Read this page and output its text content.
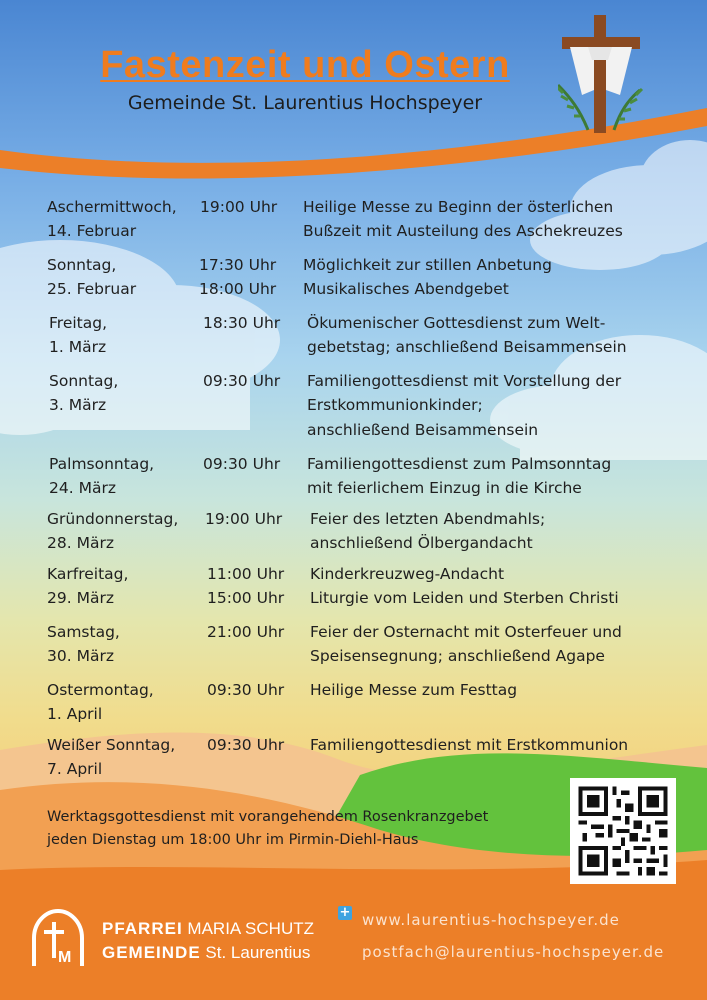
Fastenzeit und Ostern
Gemeinde St. Laurentius Hochspeyer
Aschermittwoch,
14. Februar
19:00 Uhr Heilige Messe zu Beginn der österlichen
Bußzeit mit Austeilung des Aschekreuzes
Sonntag,
25. Februar
17:30 Uhr
18:00 Uhr
Möglichkeit zur stillen Anbetung
Musikalisches Abendgebet
Freitag,
1. März
18:30 Uhr Ökumenischer Gottesdienst zum Welt-
gebetstag; anschließend Beisammensein
Sonntag,
3. März
09:30 Uhr Familiengottesdienst mit Vorstellung der
Erstkommunionkinder;
anschließend Beisammensein
Palmsonntag,
24. März
09:30 Uhr Familiengottesdienst zum Palmsonntag
mit feierlichem Einzug in die Kirche
Gründonnerstag,
28. März
19:00 Uhr Feier des letzten Abendmahls;
anschließend Ölbergandacht
Karfreitag,
29. März
11:00 Uhr
15:00 Uhr
Kinderkreuzweg-Andacht
Liturgie vom Leiden und Sterben Christi
Samstag,
30. März
21:00 Uhr Feier der Osternacht mit Osterfeuer und
Speisensegnung; anschließend Agape
Ostermontag,
1. April
09:30 Uhr Heilige Messe zum Festtag
Weißer Sonntag,
7. April
09:30 Uhr Familiengottesdienst mit Erstkommunion
Werktagsgottesdienst mit vorangehendem Rosenkranzgebet
jeden Dienstag um 18:00 Uhr im Pirmin-Diehl-Haus
M
PFARREI MARIA SCHUTZ
GEMEINDE St. Laurentius
+ www.laurentius-hochspeyer.de
postfach@laurentius-hochspeyer.de
